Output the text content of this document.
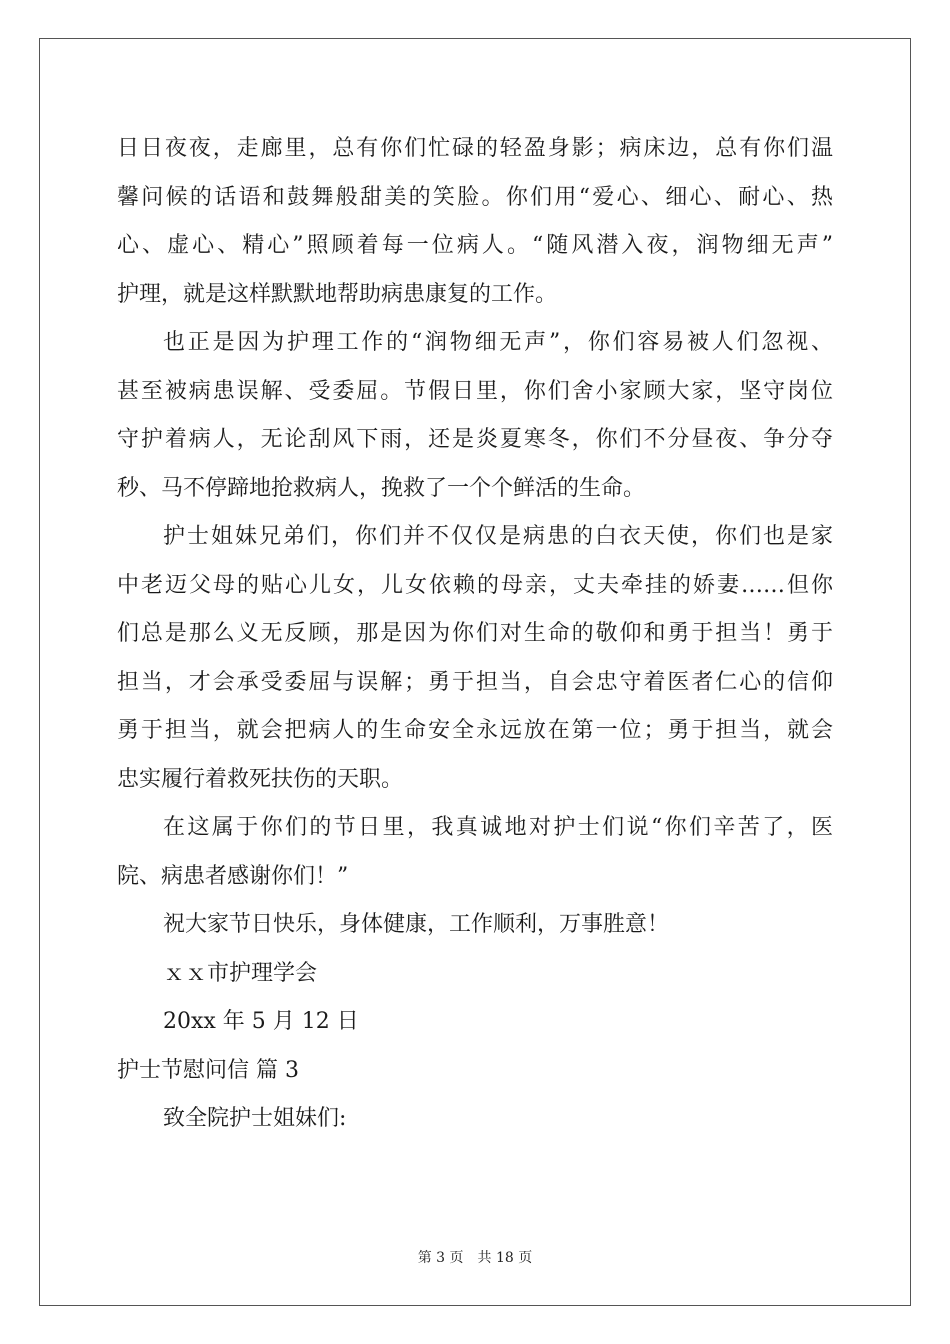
日日夜夜，走廊里，总有你们忙碌的轻盈身影；病床边，总有你们温
馨问候的话语和鼓舞般甜美的笑脸。你们用“爱心、细心、耐心、热
心、虚心、精心”照顾着每一位病人。“随风潜入夜，润物细无声”
护理，就是这样默默地帮助病患康复的工作。
也正是因为护理工作的“润物细无声”，你们容易被人们忽视、
甚至被病患误解、受委屈。节假日里，你们舍小家顾大家，坚守岗位
守护着病人，无论刮风下雨，还是炎夏寒冬，你们不分昼夜、争分夺
秒、马不停蹄地抢救病人，挽救了一个个鲜活的生命。
护士姐妹兄弟们，你们并不仅仅是病患的白衣天使，你们也是家
中老迈父母的贴心儿女，儿女依赖的母亲，丈夫牵挂的娇妻……但你
们总是那么义无反顾，那是因为你们对生命的敬仰和勇于担当！勇于
担当，才会承受委屈与误解；勇于担当，自会忠守着医者仁心的信仰
勇于担当，就会把病人的生命安全永远放在第一位；勇于担当，就会
忠实履行着救死扶伤的天职。
在这属于你们的节日里，我真诚地对护士们说“你们辛苦了，医
院、病患者感谢你们！”
祝大家节日快乐，身体健康，工作顺利，万事胜意！
ｘｘ市护理学会
20xx 年 5 月 12 日
护士节慰问信 篇 3
致全院护士姐妹们:
第 3 页 共 18 页
